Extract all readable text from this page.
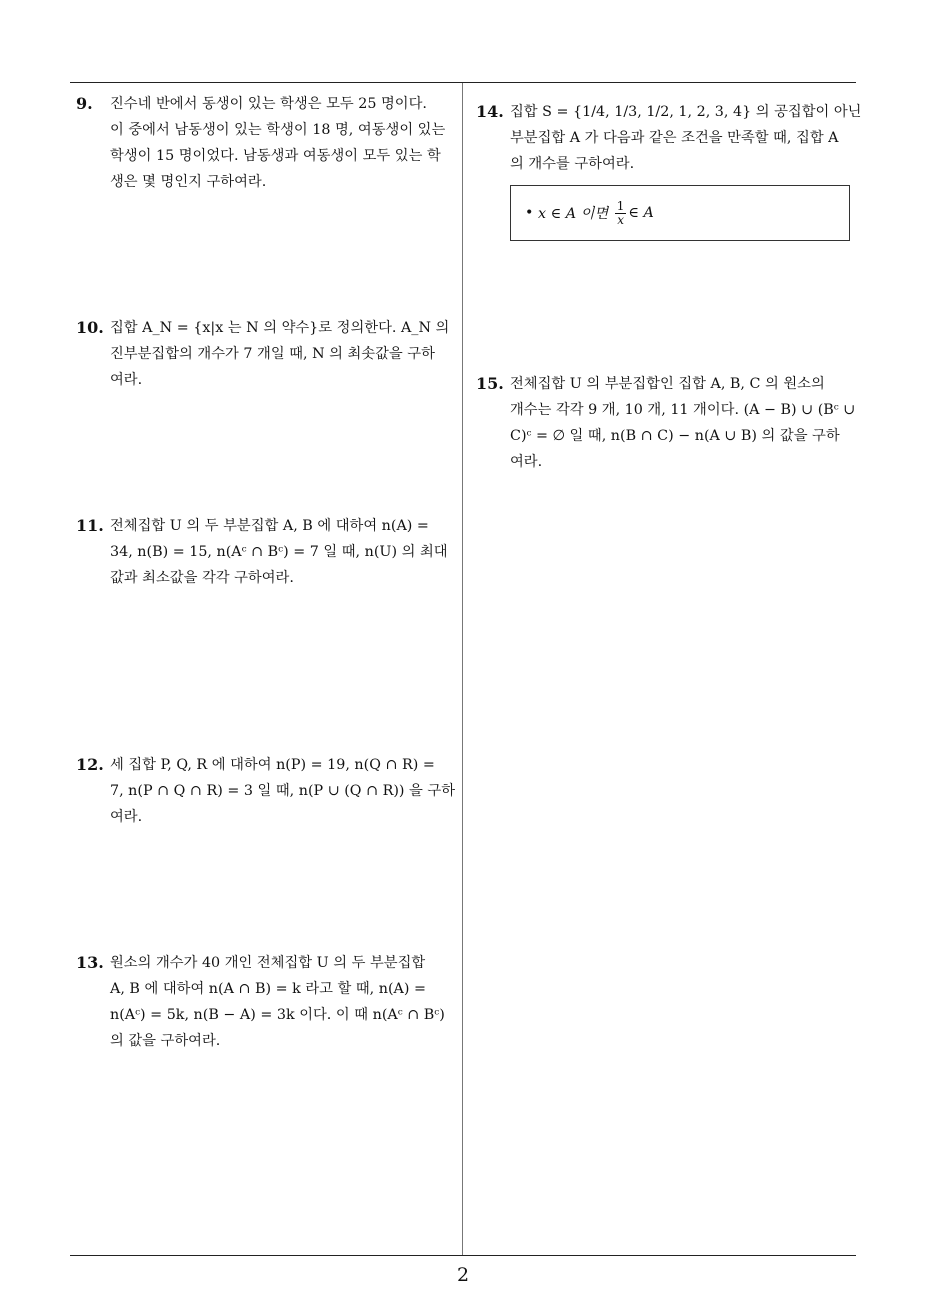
9. 진수네 반에서 동생이 있는 학생은 모두 25 명이다.

이 중에서 남동생이 있는 학생이 18 명, 여동생이 있는

학생이 15 명이었다. 남동생과 여동생이 모두 있는 학

생은 몇 명인지 구하여라.

10. 집합 A_N = {x|x 는 N 의 약수}로 정의한다. A_N 의

진부분집합의 개수가 7 개일 때, N 의 최솟값을 구하

여라.

11. 전체집합 U 의 두 부분집합 A, B 에 대하여 n(A) =

34, n(B) = 15, n(Aᶜ ∩ Bᶜ) = 7 일 때, n(U) 의 최대

값과 최소값을 각각 구하여라.

12. 세 집합 P, Q, R 에 대하여 n(P) = 19, n(Q ∩ R) =

7, n(P ∩ Q ∩ R) = 3 일 때, n(P ∪ (Q ∩ R)) 을 구하

여라.

13. 원소의 개수가 40 개인 전체집합 U 의 두 부분집합

A, B 에 대하여 n(A ∩ B) = k 라고 할 때, n(A) =

n(Aᶜ) = 5k, n(B − A) = 3k 이다. 이 때 n(Aᶜ ∩ Bᶜ)

의 값을 구하여라.

14. 집합 S = {1/4, 1/3, 1/2, 1, 2, 3, 4} 의 공집합이 아닌

부분집합 A 가 다음과 같은 조건을 만족할 때, 집합 A

의 개수를 구하여라.

•
x ∈ A 이면
$\frac{1}{x}$ ∈ A
15. 전체집합 U 의 부분집합인 집합 A, B, C 의 원소의

개수는 각각 9 개, 10 개, 11 개이다. (A − B) ∪ (Bᶜ ∪

C)ᶜ = ∅ 일 때, n(B ∩ C) − n(A ∪ B) 의 값을 구하

여라.

2
